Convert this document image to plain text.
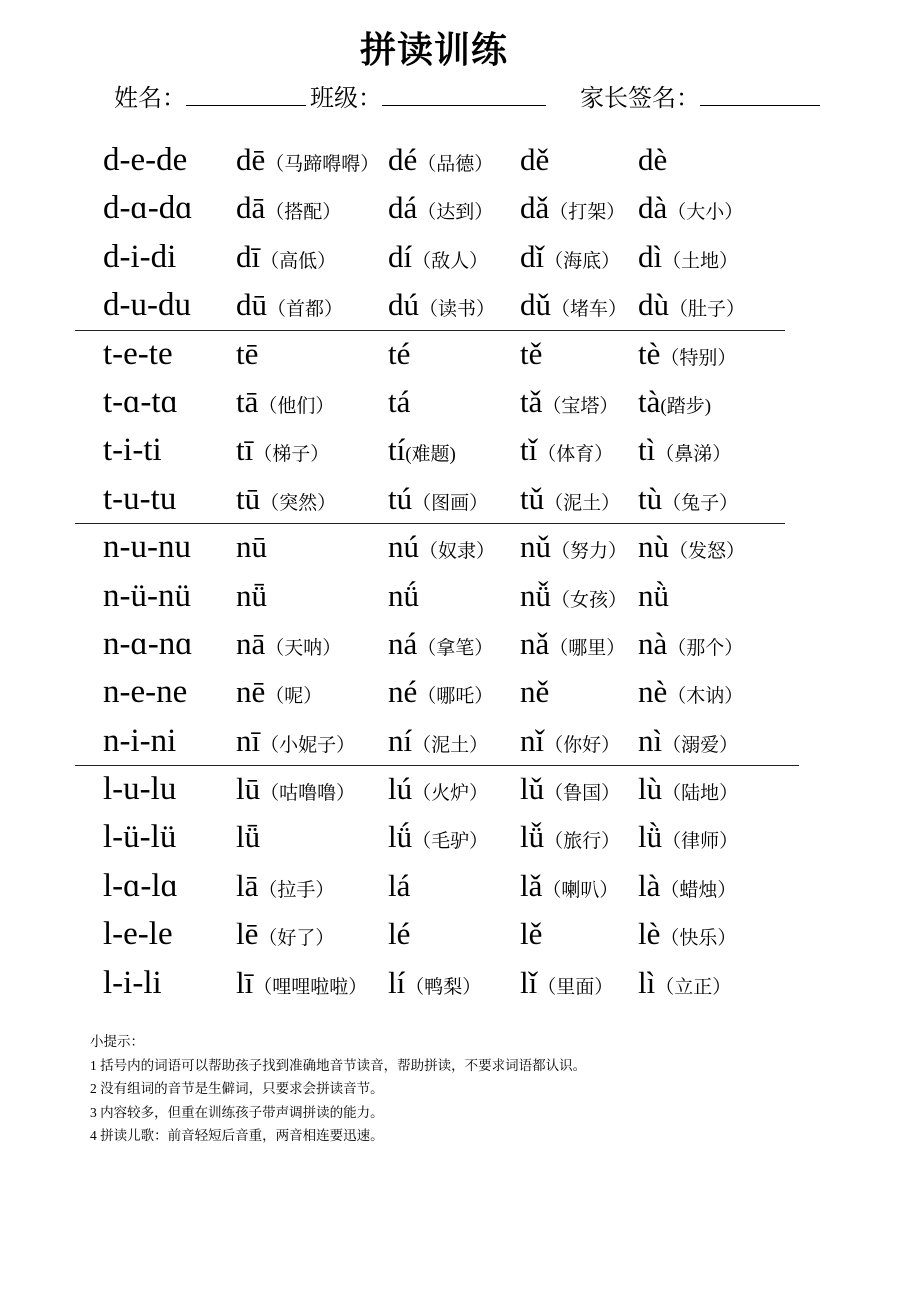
拼读训练
姓名：	班级：	家长签名：
d-e-de dē（马蹄嘚嘚） dé（品德） dě	dè
d-ɑ-dɑ dā（搭配） dá（达到） dǎ（打架） dà（大小）
d-i-di dī（高低） dí（敌人） dǐ（海底） dì（土地）
d-u-du dū（首都） dú（读书） dǔ（堵车） dù（肚子）
t-e-te tē	té	tě	tè（特别）
t-ɑ-tɑ tā（他们） tá	tǎ（宝塔） tà(踏步)
t-i-ti tī（梯子） tí(难题) tǐ（体育） tì（鼻涕）
t-u-tu tū（突然） tú（图画） tǔ（泥土） tù（兔子）
n-u-nu nū	nú（奴隶） nǔ（努力） nù（发怒）
n-ü-nü nǖ	nǘ	nǚ（女孩） nǜ
n-ɑ-nɑ nā（天呐） ná（拿笔） nǎ（哪里） nà（那个）
n-e-ne nē（呢） né（哪吒） ně	nè（木讷）
n-i-ni nī（小妮子） ní（泥土） nǐ（你好） nì（溺爱）
l-u-lu lū（咕噜噜） lú（火炉） lǔ（鲁国） lù（陆地）
l-ü-lü lǖ	lǘ（毛驴） lǚ（旅行） lǜ（律师）
l-ɑ-lɑ lā（拉手） lá	lǎ（喇叭） là（蜡烛）
l-e-le lē（好了） lé	lě	lè（快乐）
l-i-li lī（哩哩啦啦） lí（鸭梨） lǐ（里面） lì（立正）
小提示：
1 括号内的词语可以帮助孩子找到准确地音节读音，帮助拼读，不要求词语都认识。
2 没有组词的音节是生僻词，只要求会拼读音节。
3 内容较多，但重在训练孩子带声调拼读的能力。
4 拼读儿歌：前音轻短后音重，两音相连要迅速。
